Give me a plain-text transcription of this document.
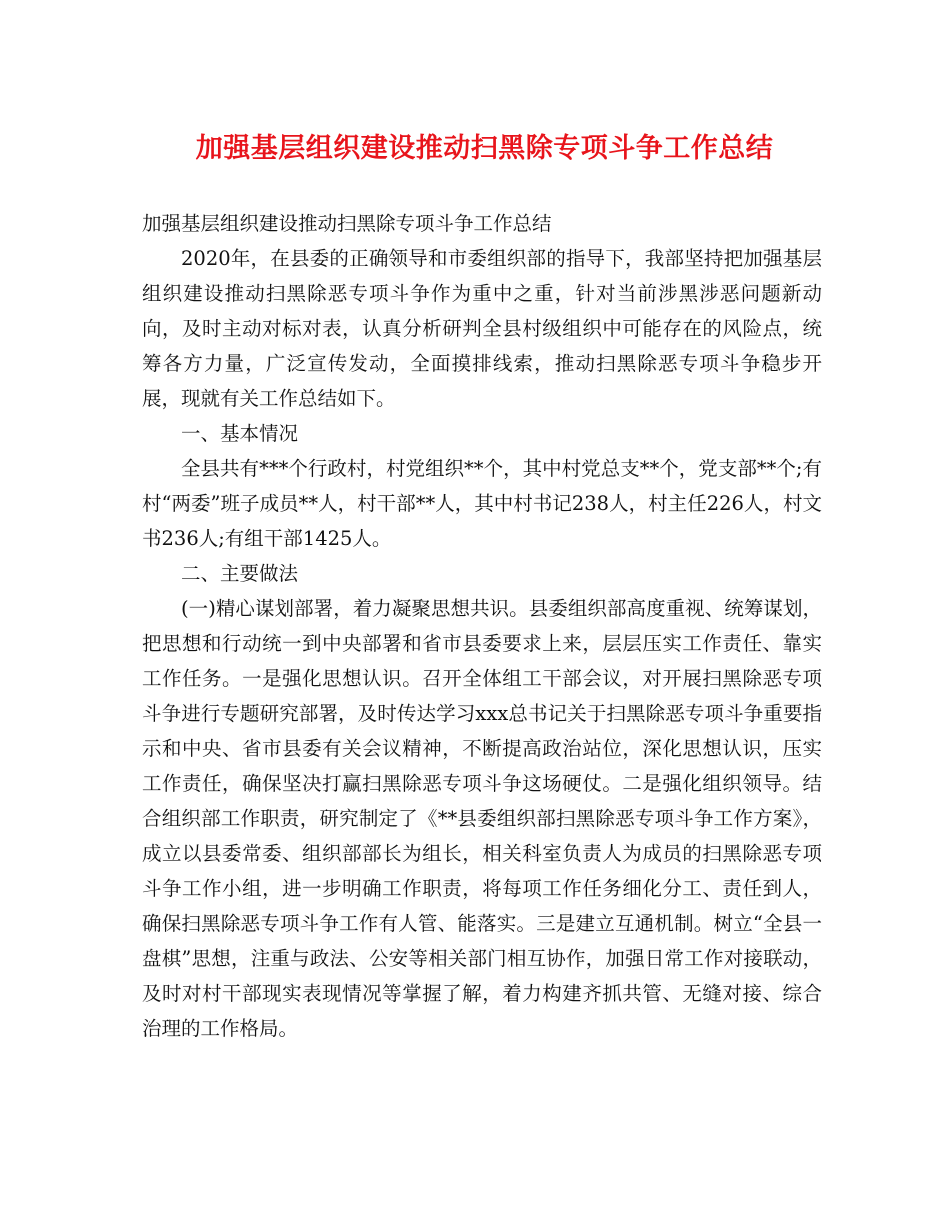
加强基层组织建设推动扫黑除专项斗争工作总结

加强基层组织建设推动扫黑除专项斗争工作总结

2020年，在县委的正确领导和市委组织部的指导下，我部坚持把加强基层组织建设推动扫黑除恶专项斗争作为重中之重，针对当前涉黑涉恶问题新动向，及时主动对标对表，认真分析研判全县村级组织中可能存在的风险点，统筹各方力量，广泛宣传发动，全面摸排线索，推动扫黑除恶专项斗争稳步开展，现就有关工作总结如下。

一、基本情况

全县共有***个行政村，村党组织**个，其中村党总支**个，党支部**个;有村“两委”班子成员**人，村干部**人，其中村书记238人，村主任226人，村文书236人;有组干部1425人。

二、主要做法

(一)精心谋划部署，着力凝聚思想共识。县委组织部高度重视、统筹谋划，把思想和行动统一到中央部署和省市县委要求上来，层层压实工作责任、靠实工作任务。一是强化思想认识。召开全体组工干部会议，对开展扫黑除恶专项斗争进行专题研究部署，及时传达学习xxx总书记关于扫黑除恶专项斗争重要指示和中央、省市县委有关会议精神，不断提高政治站位，深化思想认识，压实工作责任，确保坚决打赢扫黑除恶专项斗争这场硬仗。二是强化组织领导。结合组织部工作职责，研究制定了《**县委组织部扫黑除恶专项斗争工作方案》，成立以县委常委、组织部部长为组长，相关科室负责人为成员的扫黑除恶专项斗争工作小组，进一步明确工作职责，将每项工作任务细化分工、责任到人，确保扫黑除恶专项斗争工作有人管、能落实。三是建立互通机制。树立“全县一盘棋”思想，注重与政法、公安等相关部门相互协作，加强日常工作对接联动，及时对村干部现实表现情况等掌握了解，着力构建齐抓共管、无缝对接、综合治理的工作格局。
